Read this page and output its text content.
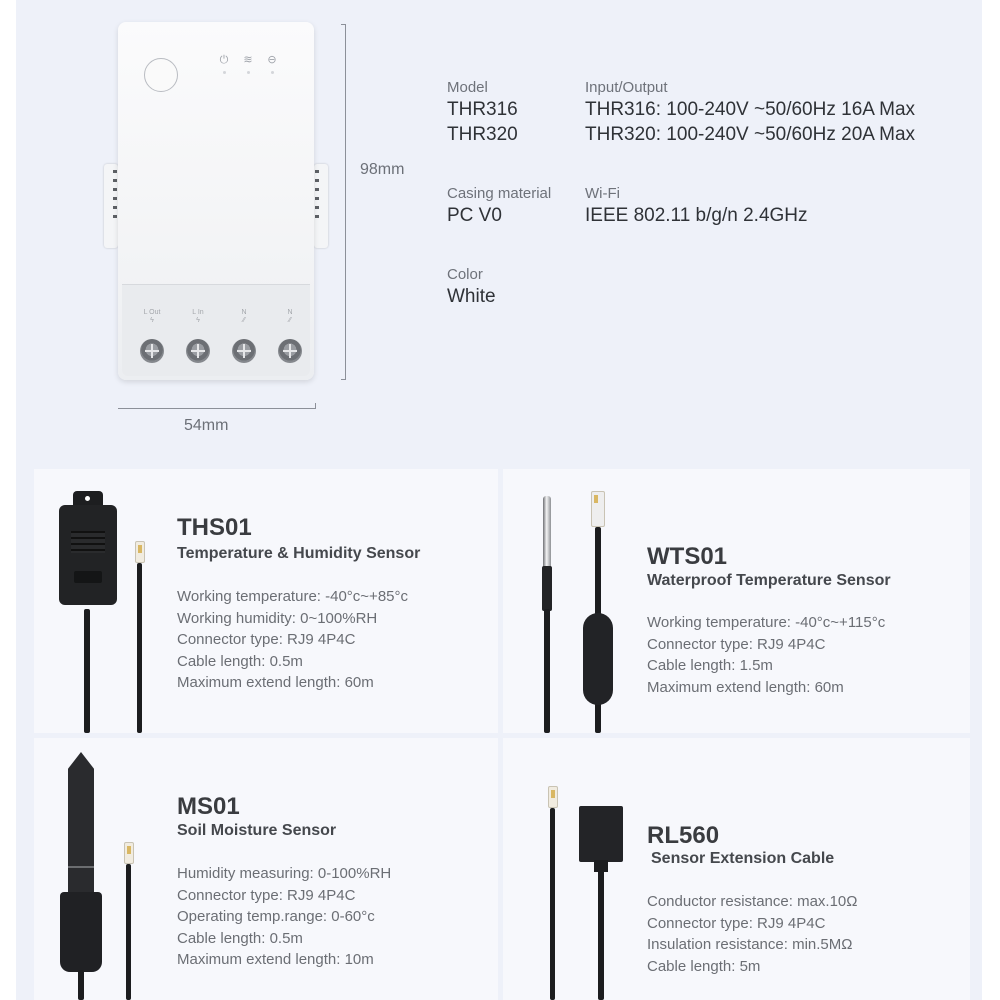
⏻ ≋ ⊖
L Out
ϟ
L In
ϟ
N
⁄⁄
N
⁄⁄
98mm
54mm
Model
THR316
THR320
Input/Output
THR316: 100-240V ~50/60Hz 16A Max
THR320: 100-240V ~50/60Hz 20A Max
Casing material
PC V0
Wi-Fi
IEEE 802.11 b/g/n 2.4GHz
Color
White
THS01
Temperature & Humidity Sensor
Working temperature: -40°c~+85°c
Working humidity: 0~100%RH
Connector type: RJ9 4P4C
Cable length: 0.5m
Maximum extend length: 60m
WTS01
Waterproof Temperature Sensor
Working temperature: -40°c~+115°c
Connector type: RJ9 4P4C
Cable length: 1.5m
Maximum extend length: 60m
MS01
Soil Moisture Sensor
Humidity measuring: 0-100%RH
Connector type: RJ9 4P4C
Operating temp.range: 0-60°c
Cable length: 0.5m
Maximum extend length: 10m
RL560
Sensor Extension Cable
Conductor resistance: max.10Ω
Connector type: RJ9 4P4C
Insulation resistance: min.5MΩ
Cable length: 5m
